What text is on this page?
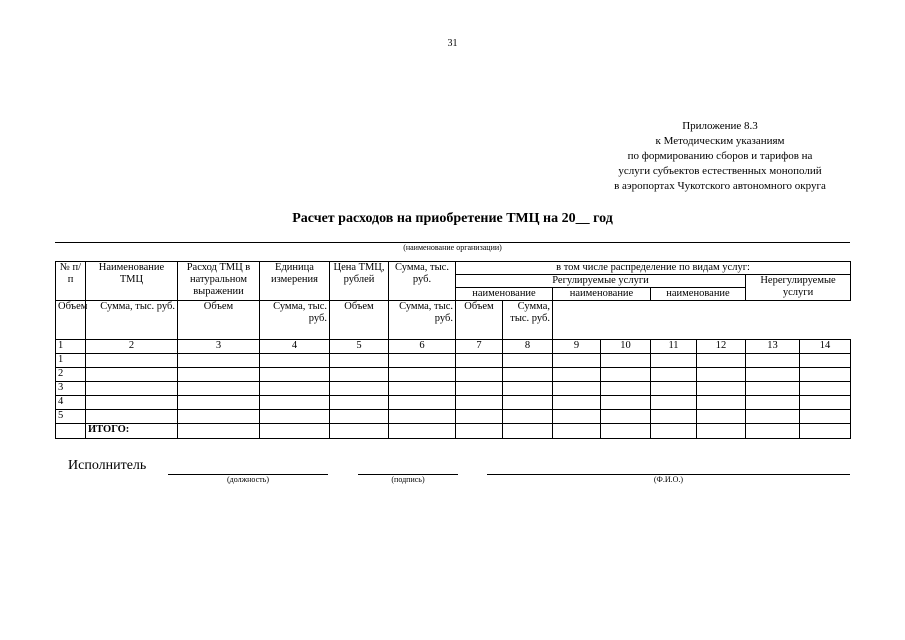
31
Приложение 8.3
к Методическим указаниям
по формированию сборов и тарифов на
услуги субъектов естественных монополий
в аэропортах Чукотского автономного округа
Расчет расходов на приобретение ТМЦ на 20__ год
(наименование организации)
№ п/п	Наименование ТМЦ	Расход ТМЦ в натуральном выражении	Единица измерения	Цена ТМЦ, рублей	Сумма, тыс. руб.	в том числе распределение по видам услуг:							
						Регулируемые услуги						Нерегулируемые услуги	
						наименование		наименование		наименование			
Объем	Сумма, тыс. руб.	Объем	Сумма, тыс. руб.	Объем	Сумма, тыс. руб.	Объем	Сумма, тыс. руб.						
1	2	3	4	5	6	7	8	9	10	11	12	13	14
1													
2													
3													
4													
5													
	ИТОГО:												
Исполнитель
(должность)	(подпись)	(Ф.И.О.)
